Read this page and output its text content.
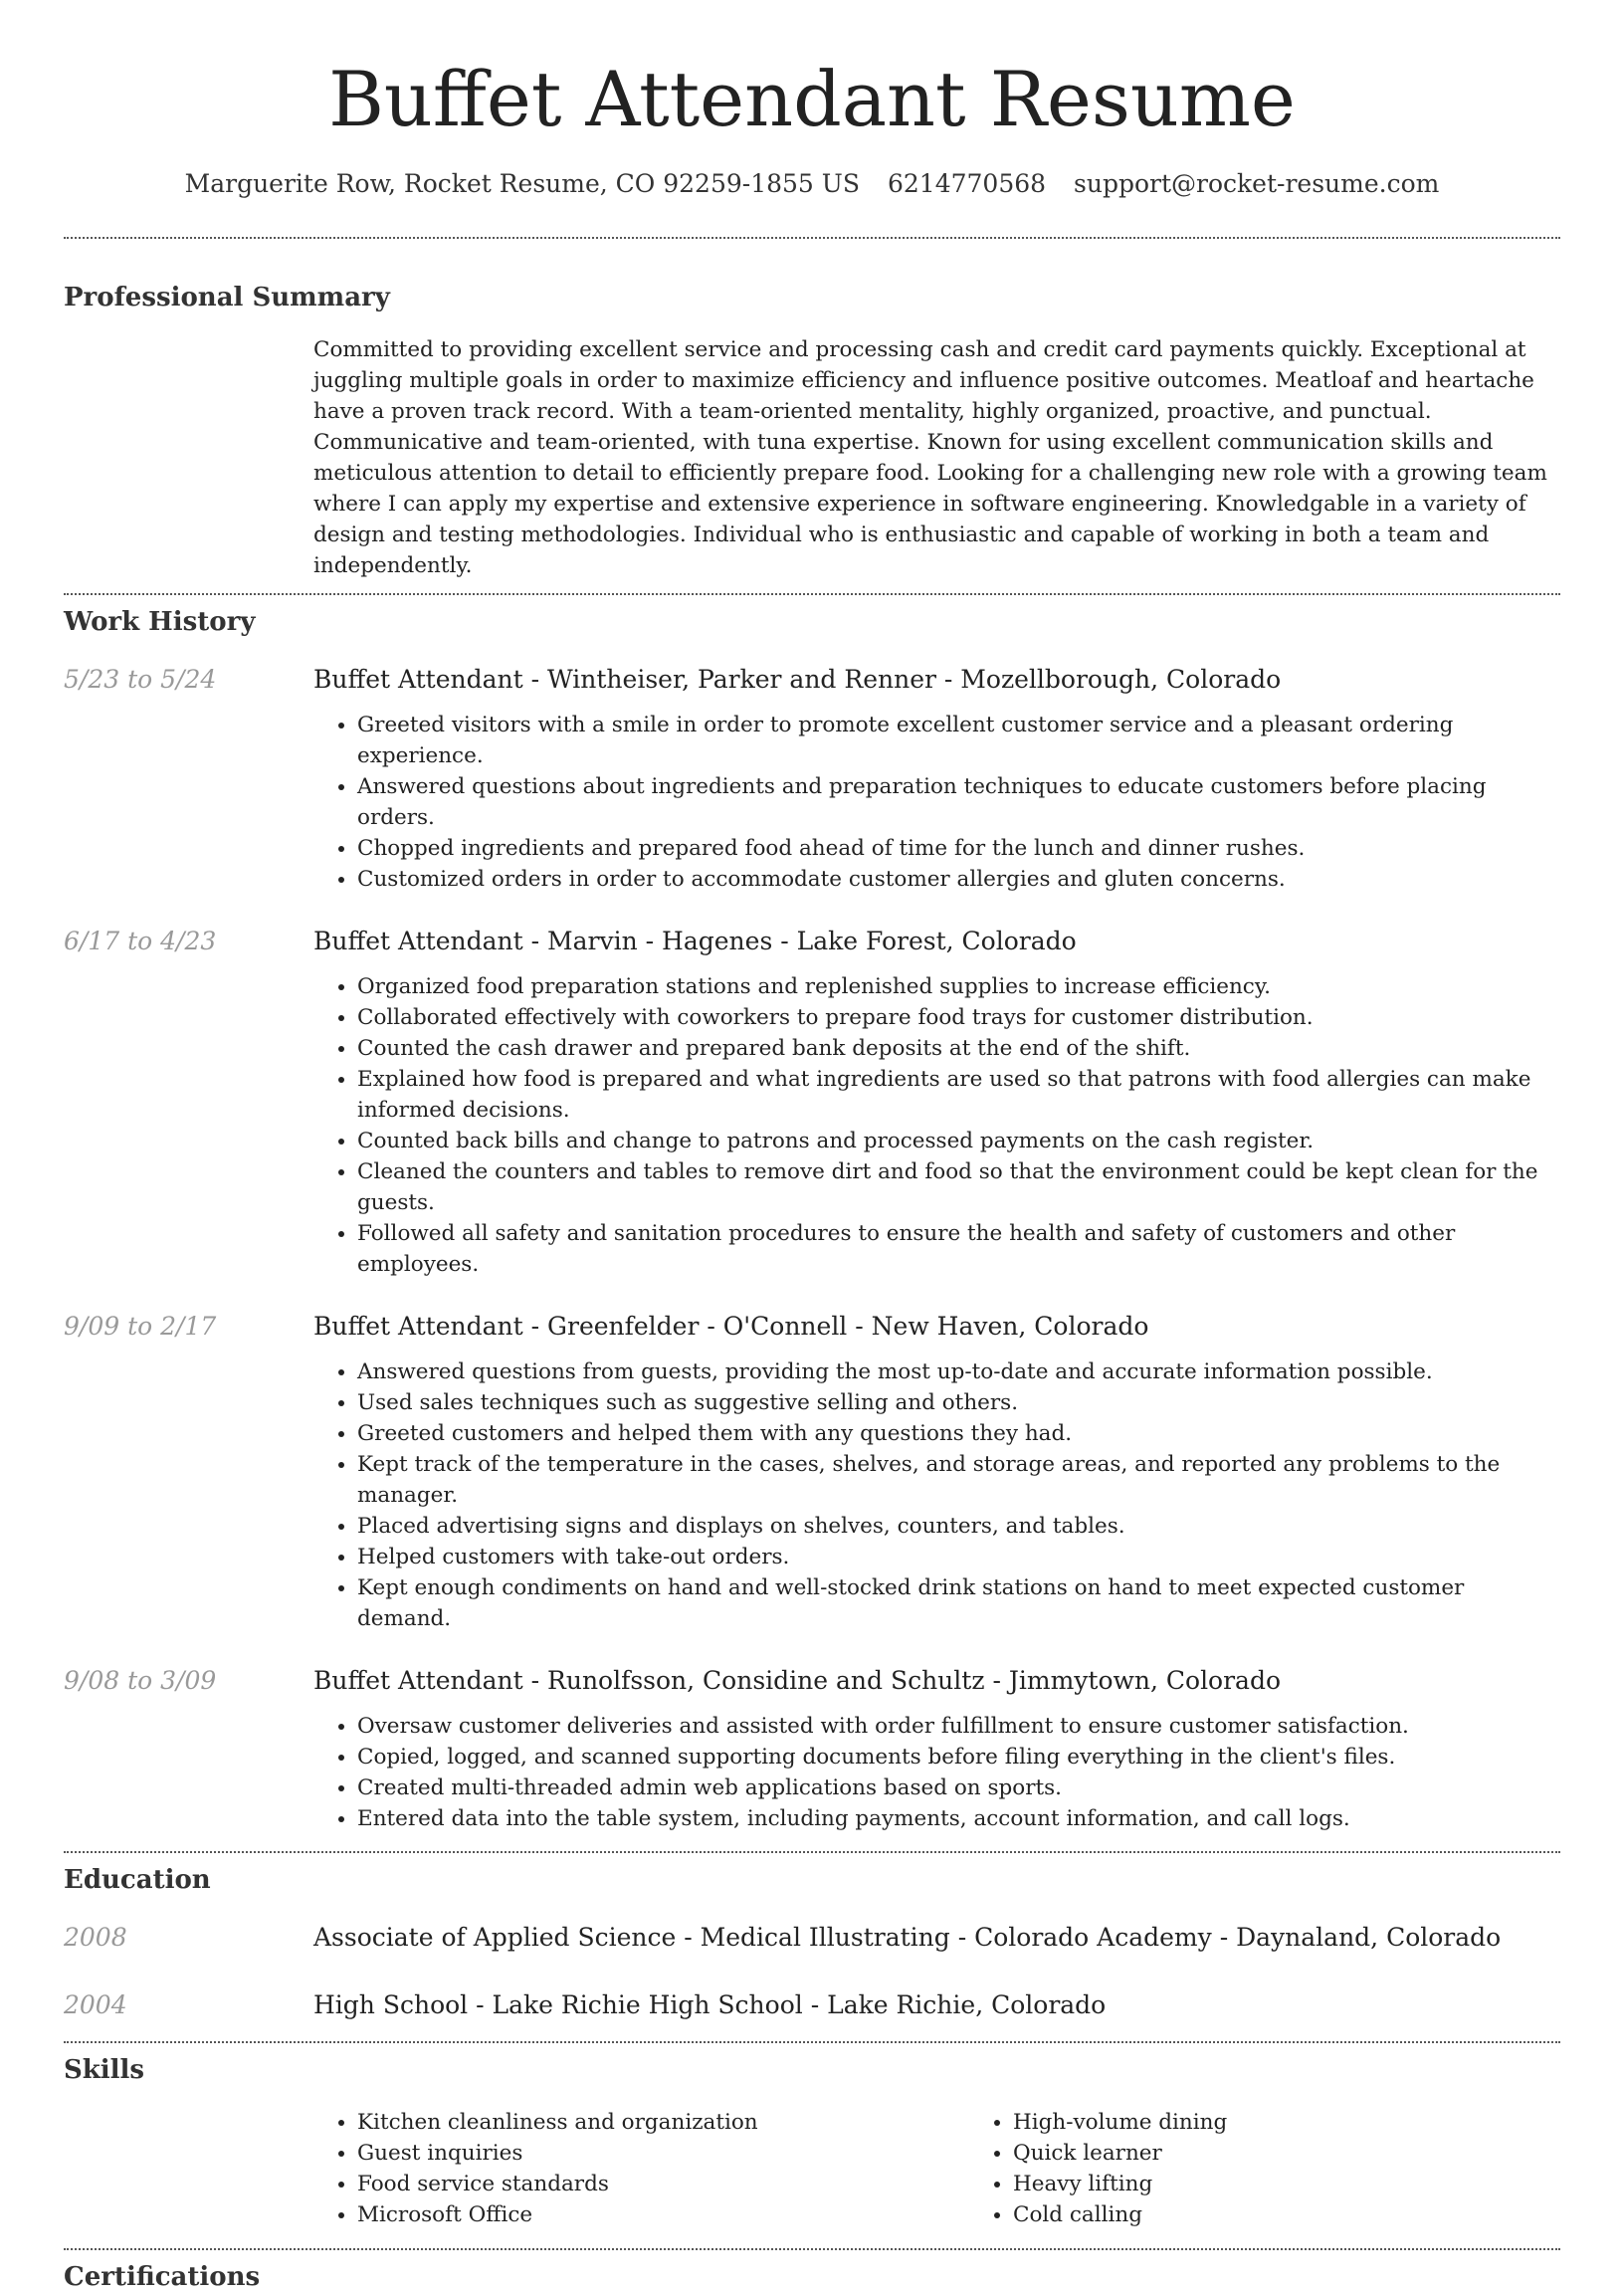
Buffet Attendant Resume
Marguerite Row, Rocket Resume, CO 92259-1855 US 6214770568 support@rocket-resume.com
Professional Summary
Committed to providing excellent service and processing cash and credit card payments quickly. Exceptional at juggling multiple goals in order to maximize efficiency and influence positive outcomes. Meatloaf and heartache have a proven track record. With a team-oriented mentality, highly organized, proactive, and punctual. Communicative and team-oriented, with tuna expertise. Known for using excellent communication skills and meticulous attention to detail to efficiently prepare food. Looking for a challenging new role with a growing team where I can apply my expertise and extensive experience in software engineering. Knowledgable in a variety of design and testing methodologies. Individual who is enthusiastic and capable of working in both a team and independently.
Work History
5/23 to 5/24	Buffet Attendant - Wintheiser, Parker and Renner - Mozellborough, Colorado
• Greeted visitors with a smile in order to promote excellent customer service and a pleasant ordering experience.
• Answered questions about ingredients and preparation techniques to educate customers before placing orders.
• Chopped ingredients and prepared food ahead of time for the lunch and dinner rushes.
• Customized orders in order to accommodate customer allergies and gluten concerns.
6/17 to 4/23	Buffet Attendant - Marvin - Hagenes - Lake Forest, Colorado
• Organized food preparation stations and replenished supplies to increase efficiency.
• Collaborated effectively with coworkers to prepare food trays for customer distribution.
• Counted the cash drawer and prepared bank deposits at the end of the shift.
• Explained how food is prepared and what ingredients are used so that patrons with food allergies can make informed decisions.
• Counted back bills and change to patrons and processed payments on the cash register.
• Cleaned the counters and tables to remove dirt and food so that the environment could be kept clean for the guests.
• Followed all safety and sanitation procedures to ensure the health and safety of customers and other employees.
9/09 to 2/17	Buffet Attendant - Greenfelder - O'Connell - New Haven, Colorado
• Answered questions from guests, providing the most up-to-date and accurate information possible.
• Used sales techniques such as suggestive selling and others.
• Greeted customers and helped them with any questions they had.
• Kept track of the temperature in the cases, shelves, and storage areas, and reported any problems to the manager.
• Placed advertising signs and displays on shelves, counters, and tables.
• Helped customers with take-out orders.
• Kept enough condiments on hand and well-stocked drink stations on hand to meet expected customer demand.
9/08 to 3/09	Buffet Attendant - Runolfsson, Considine and Schultz - Jimmytown, Colorado
• Oversaw customer deliveries and assisted with order fulfillment to ensure customer satisfaction.
• Copied, logged, and scanned supporting documents before filing everything in the client's files.
• Created multi-threaded admin web applications based on sports.
• Entered data into the table system, including payments, account information, and call logs.
Education
2008	Associate of Applied Science - Medical Illustrating - Colorado Academy - Daynaland, Colorado
2004	High School - Lake Richie High School - Lake Richie, Colorado
Skills
• Kitchen cleanliness and organization
• Guest inquiries
• Food service standards
• Microsoft Office
• High-volume dining
• Quick learner
• Heavy lifting
• Cold calling
Certifications
